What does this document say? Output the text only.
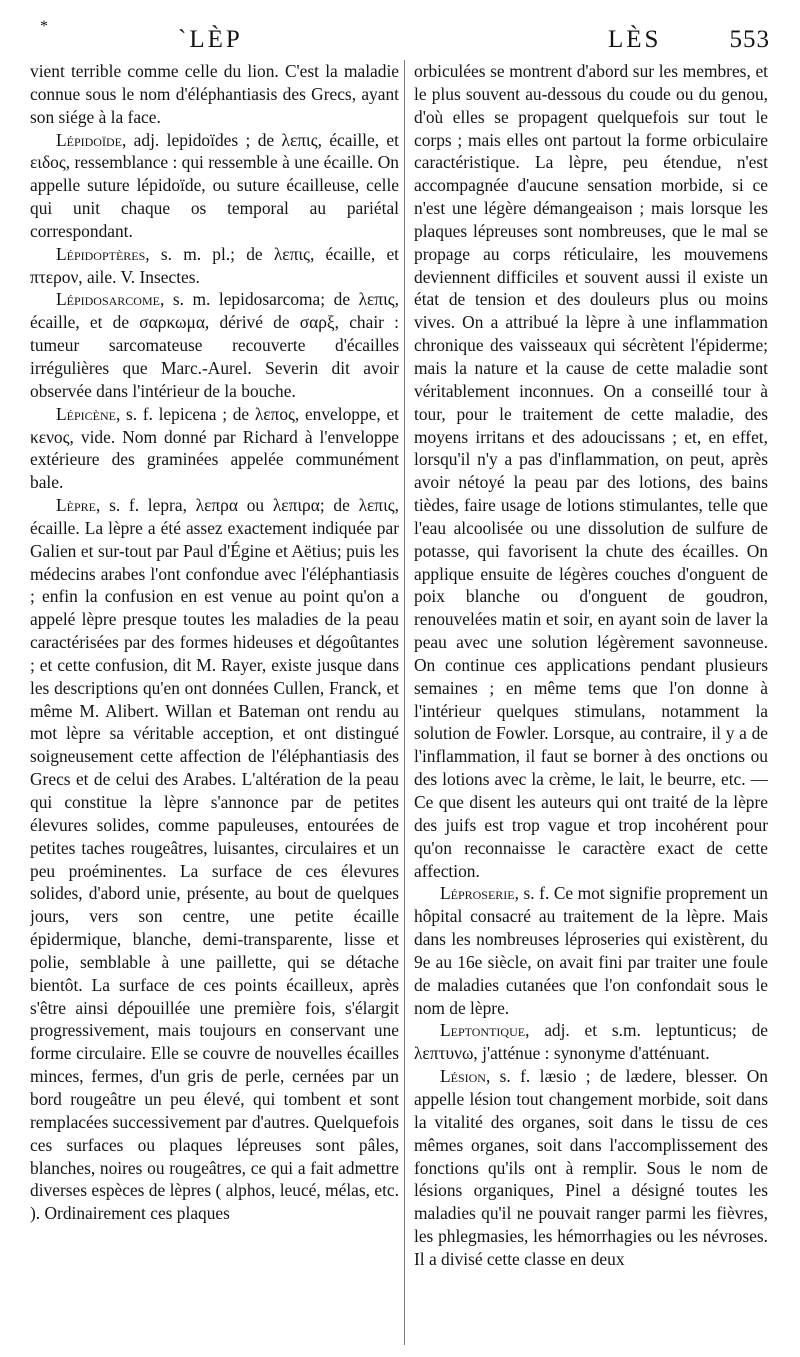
*	`LÈP	LÈS	553

vient terrible comme celle du lion. C'est la maladie connue sous le nom d'éléphantiasis des Grecs, ayant son siége à la face.

Lépidoïde, adj. lepidoïdes ; de λεπις, écaille, et ειδος, ressemblance : qui ressemble à une écaille. On appelle suture lépidoïde, ou suture écailleuse, celle qui unit chaque os temporal au pariétal correspondant.

Lépidoptères, s. m. pl.; de λεπις, écaille, et πτερον, aile. V. Insectes.

Lépidosarcome, s. m. lepidosarcoma; de λεπις, écaille, et de σαρκωμα, dérivé de σαρξ, chair : tumeur sarcomateuse recouverte d'écailles irrégulières que Marc.-Aurel. Severin dit avoir observée dans l'intérieur de la bouche.

Lépicène, s. f. lepicena ; de λεπος, enveloppe, et κενος, vide. Nom donné par Richard à l'enveloppe extérieure des graminées appelée communément bale.

Lèpre, s. f. lepra, λεπρα ou λεπιρα; de λεπις, écaille. La lèpre a été assez exactement indiquée par Galien et sur-tout par Paul d'Égine et Aëtius; puis les médecins arabes l'ont confondue avec l'éléphantiasis ; enfin la confusion en est venue au point qu'on a appelé lèpre presque toutes les maladies de la peau caractérisées par des formes hideuses et dégoûtantes ; et cette confusion, dit M. Rayer, existe jusque dans les descriptions qu'en ont données Cullen, Franck, et même M. Alibert. Willan et Bateman ont rendu au mot lèpre sa véritable acception, et ont distingué soigneusement cette affection de l'éléphantiasis des Grecs et de celui des Arabes. L'altération de la peau qui constitue la lèpre s'annonce par de petites élevures solides, comme papuleuses, entourées de petites taches rougeâtres, luisantes, circulaires et un peu proéminentes. La surface de ces élevures solides, d'abord unie, présente, au bout de quelques jours, vers son centre, une petite écaille épidermique, blanche, demi-transparente, lisse et polie, semblable à une paillette, qui se détache bientôt. La surface de ces points écailleux, après s'être ainsi dépouillée une première fois, s'élargit progressivement, mais toujours en conservant une forme circulaire. Elle se couvre de nouvelles écailles minces, fermes, d'un gris de perle, cernées par un bord rougeâtre un peu élevé, qui tombent et sont remplacées successivement par d'autres. Quelquefois ces surfaces ou plaques lépreuses sont pâles, blanches, noires ou rougeâtres, ce qui a fait admettre diverses espèces de lèpres ( alphos, leucé, mélas, etc. ). Ordinairement ces plaques

orbiculées se montrent d'abord sur les membres, et le plus souvent au-dessous du coude ou du genou, d'où elles se propagent quelquefois sur tout le corps ; mais elles ont partout la forme orbiculaire caractéristique. La lèpre, peu étendue, n'est accompagnée d'aucune sensation morbide, si ce n'est une légère démangeaison ; mais lorsque les plaques lépreuses sont nombreuses, que le mal se propage au corps réticulaire, les mouvemens deviennent difficiles et souvent aussi il existe un état de tension et des douleurs plus ou moins vives. On a attribué la lèpre à une inflammation chronique des vaisseaux qui sécrètent l'épiderme; mais la nature et la cause de cette maladie sont véritablement inconnues. On a conseillé tour à tour, pour le traitement de cette maladie, des moyens irritans et des adoucissans ; et, en effet, lorsqu'il n'y a pas d'inflammation, on peut, après avoir nétoyé la peau par des lotions, des bains tièdes, faire usage de lotions stimulantes, telle que l'eau alcoolisée ou une dissolution de sulfure de potasse, qui favorisent la chute des écailles. On applique ensuite de légères couches d'onguent de poix blanche ou d'onguent de goudron, renouvelées matin et soir, en ayant soin de laver la peau avec une solution légèrement savonneuse. On continue ces applications pendant plusieurs semaines ; en même tems que l'on donne à l'intérieur quelques stimulans, notamment la solution de Fowler. Lorsque, au contraire, il y a de l'inflammation, il faut se borner à des onctions ou des lotions avec la crème, le lait, le beurre, etc. — Ce que disent les auteurs qui ont traité de la lèpre des juifs est trop vague et trop incohérent pour qu'on reconnaisse le caractère exact de cette affection.

Léproserie, s. f. Ce mot signifie proprement un hôpital consacré au traitement de la lèpre. Mais dans les nombreuses léproseries qui existèrent, du 9e au 16e siècle, on avait fini par traiter une foule de maladies cutanées que l'on confondait sous le nom de lèpre.

Leptontique, adj. et s.m. leptunticus; de λεπτυνω, j'atténue : synonyme d'atténuant.

Lésion, s. f. læsio ; de lædere, blesser. On appelle lésion tout changement morbide, soit dans la vitalité des organes, soit dans le tissu de ces mêmes organes, soit dans l'accomplissement des fonctions qu'ils ont à remplir. Sous le nom de lésions organiques, Pinel a désigné toutes les maladies qu'il ne pouvait ranger parmi les fièvres, les phlegmasies, les hémorrhagies ou les névroses. Il a divisé cette classe en deux
